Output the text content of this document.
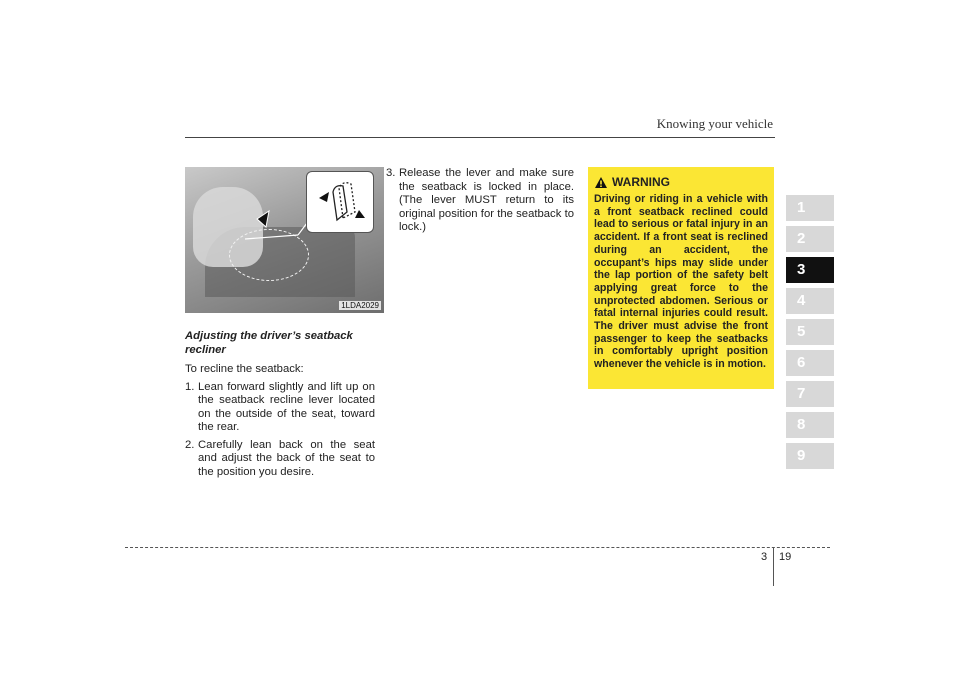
Knowing your vehicle
1LDA2029
Adjusting the driver’s seatback recliner
To recline the seatback:
1. Lean forward slightly and lift up on the seatback recline lever located on the outside of the seat, toward the rear.
2. Carefully lean back on the seat and adjust the back of the seat to the position you desire.
3. Release the lever and make sure the seatback is locked in place. (The lever MUST return to its original position for the seatback to lock.)
WARNING
Driving or riding in a vehicle with a front seatback reclined could lead to serious or fatal injury in an accident. If a front seat is reclined during an accident, the occupant’s hips may slide under the lap portion of the safety belt applying great force to the unprotected abdomen. Serious or fatal internal injuries could result. The driver must advise the front passenger to keep the seatbacks in comfortably upright position whenever the vehicle is in motion.
1
2
3
4
5
6
7
8
9
3 19
